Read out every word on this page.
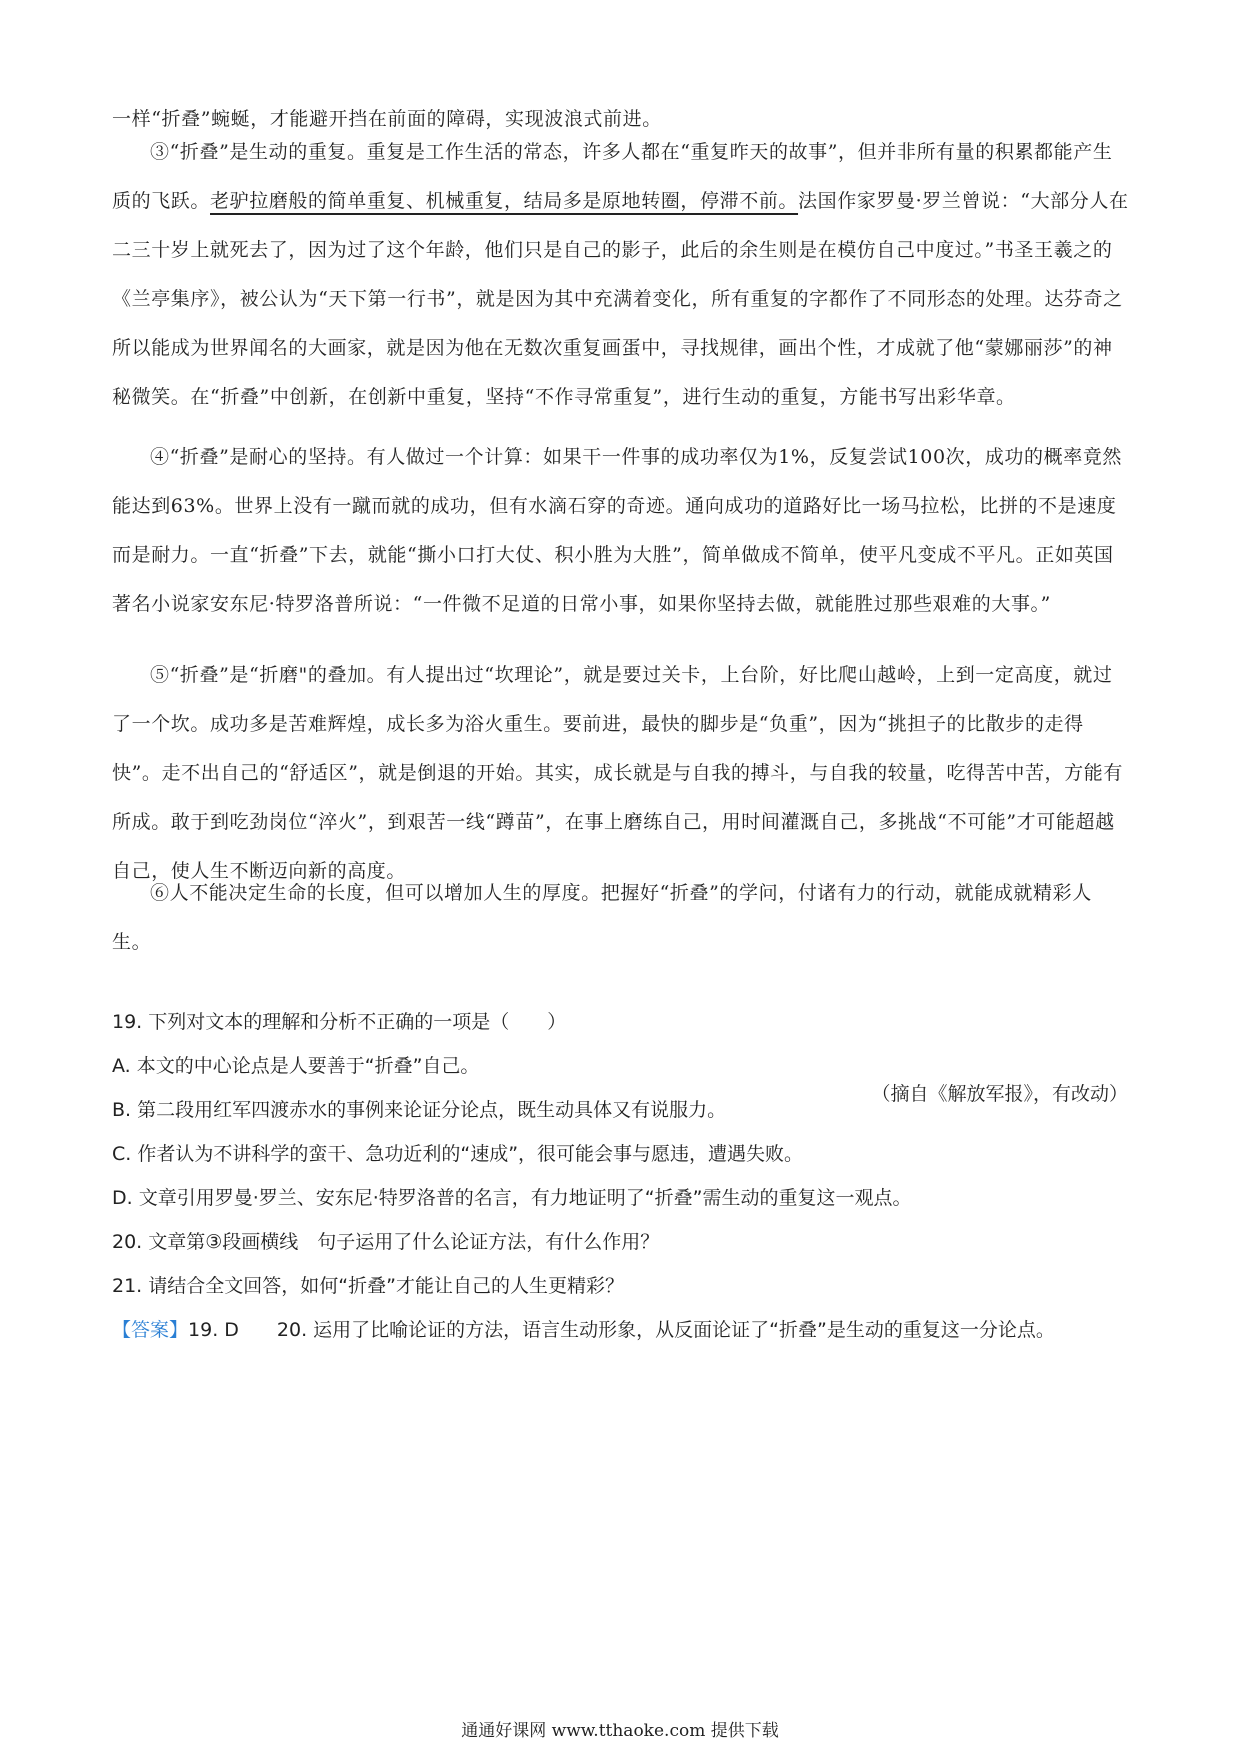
一样“折叠”蜿蜒，才能避开挡在前面的障碍，实现波浪式前进。

③“折叠”是生动的重复。重复是工作生活的常态，许多人都在“重复昨天的故事”，但并非所有量的积累都能产生质的飞跃。老驴拉磨般的简单重复、机械重复，结局多是原地转圈，停滞不前。法国作家罗曼·罗兰曾说：“大部分人在二三十岁上就死去了，因为过了这个年龄，他们只是自己的影子，此后的余生则是在模仿自己中度过。”书圣王羲之的《兰亭集序》，被公认为“天下第一行书”，就是因为其中充满着变化，所有重复的字都作了不同形态的处理。达芬奇之所以能成为世界闻名的大画家，就是因为他在无数次重复画蛋中，寻找规律，画出个性，才成就了他“蒙娜丽莎”的神秘微笑。在“折叠”中创新，在创新中重复，坚持“不作寻常重复”，进行生动的重复，方能书写出彩华章。

④“折叠”是耐心的坚持。有人做过一个计算：如果干一件事的成功率仅为1%，反复尝试100次，成功的概率竟然能达到63%。世界上没有一蹴而就的成功，但有水滴石穿的奇迹。通向成功的道路好比一场马拉松，比拼的不是速度而是耐力。一直“折叠”下去，就能“撕小口打大仗、积小胜为大胜”，简单做成不简单，使平凡变成不平凡。正如英国著名小说家安东尼·特罗洛普所说：“一件微不足道的日常小事，如果你坚持去做，就能胜过那些艰难的大事。”

⑤“折叠”是“折磨"的叠加。有人提出过“坎理论”，就是要过关卡，上台阶，好比爬山越岭，上到一定高度，就过了一个坎。成功多是苦难辉煌，成长多为浴火重生。要前进，最快的脚步是“负重”，因为“挑担子的比散步的走得快”。走不出自己的“舒适区”，就是倒退的开始。其实，成长就是与自我的搏斗，与自我的较量，吃得苦中苦，方能有所成。敢于到吃劲岗位“淬火”，到艰苦一线“蹲苗”，在事上磨练自己，用时间灌溉自己，多挑战“不可能”才可能超越自己，使人生不断迈向新的高度。

⑥人不能决定生命的长度，但可以增加人生的厚度。把握好“折叠”的学问，付诸有力的行动，就能成就精彩人生。

（摘自《解放军报》，有改动）

19. 下列对文本的理解和分析不正确的一项是（　　）

A. 本文的中心论点是人要善于“折叠”自己。

B. 第二段用红军四渡赤水的事例来论证分论点，既生动具体又有说服力。

C. 作者认为不讲科学的蛮干、急功近利的“速成”，很可能会事与愿违，遭遇失败。

D. 文章引用罗曼·罗兰、安东尼·特罗洛普的名言，有力地证明了“折叠”需生动的重复这一观点。

20. 文章第③段画横线　句子运用了什么论证方法，有什么作用？

21. 请结合全文回答，如何“折叠”才能让自己的人生更精彩？

【答案】19. D　　20. 运用了比喻论证的方法，语言生动形象，从反面论证了“折叠”是生动的重复这一分论点。

通通好课网 www.tthaoke.com 提供下载
